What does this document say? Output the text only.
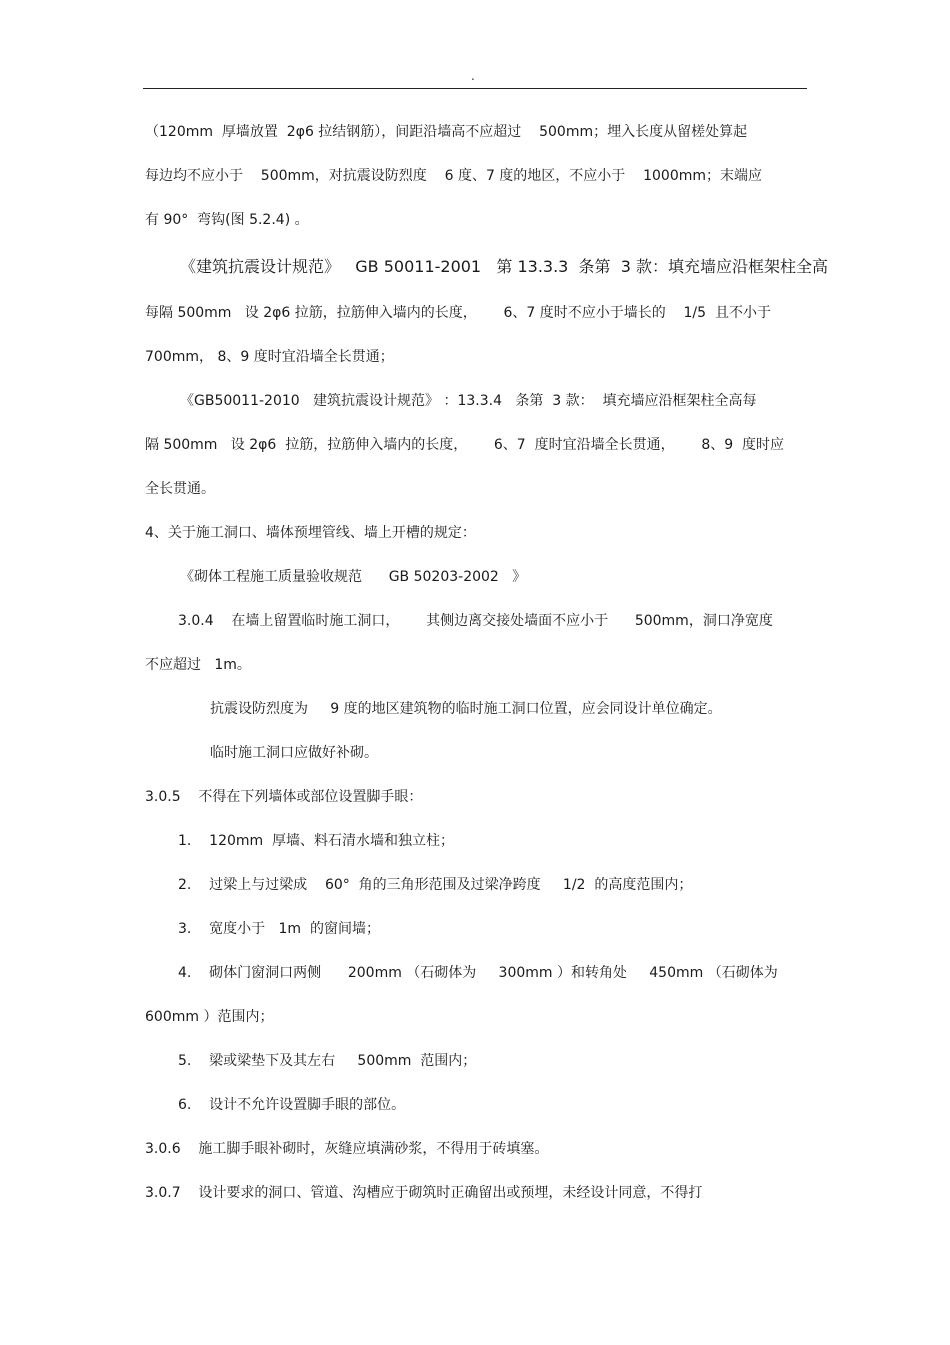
.
（120mm  厚墙放置  2φ6 拉结钢筋），间距沿墙高不应超过    500mm；埋入长度从留槎处算起
每边均不应小于    500mm，对抗震设防烈度    6 度、7 度的地区，不应小于    1000mm；末端应
有 90°  弯钩(图 5.2.4) 。
《建筑抗震设计规范》   GB 50011-2001   第 13.3.3  条第  3 款：填充墙应沿框架柱全高
每隔 500mm   设 2φ6 拉筋，拉筋伸入墙内的长度，      6、7 度时不应小于墙长的    1/5  且不小于
700mm， 8、9 度时宜沿墙全长贯通；
《GB50011-2010   建筑抗震设计规范》 ：13.3.4   条第  3 款：  填充墙应沿框架柱全高每
隔 500mm   设 2φ6  拉筋，拉筋伸入墙内的长度，      6、7  度时宜沿墙全长贯通，      8、9  度时应
全长贯通。
4、关于施工洞口、墙体预埋管线、墙上开槽的规定：
《砌体工程施工质量验收规范      GB 50203-2002   》
3.0.4    在墙上留置临时施工洞口，      其侧边离交接处墙面不应小于      500mm，洞口净宽度
不应超过   1m。
抗震设防烈度为     9 度的地区建筑物的临时施工洞口位置，应会同设计单位确定。
临时施工洞口应做好补砌。
3.0.5    不得在下列墙体或部位设置脚手眼：
1.    120mm  厚墙、料石清水墙和独立柱；
2.    过梁上与过梁成    60°  角的三角形范围及过梁净跨度     1/2  的高度范围内；
3.    宽度小于   1m  的窗间墙；
4.    砌体门窗洞口两侧      200mm （石砌体为     300mm ）和转角处     450mm （石砌体为
600mm ）范围内；
5.    梁或梁垫下及其左右     500mm  范围内；
6.    设计不允许设置脚手眼的部位。
3.0.6    施工脚手眼补砌时，灰缝应填满砂浆，不得用于砖填塞。
3.0.7    设计要求的洞口、管道、沟槽应于砌筑时正确留出或预埋，未经设计同意，不得打
